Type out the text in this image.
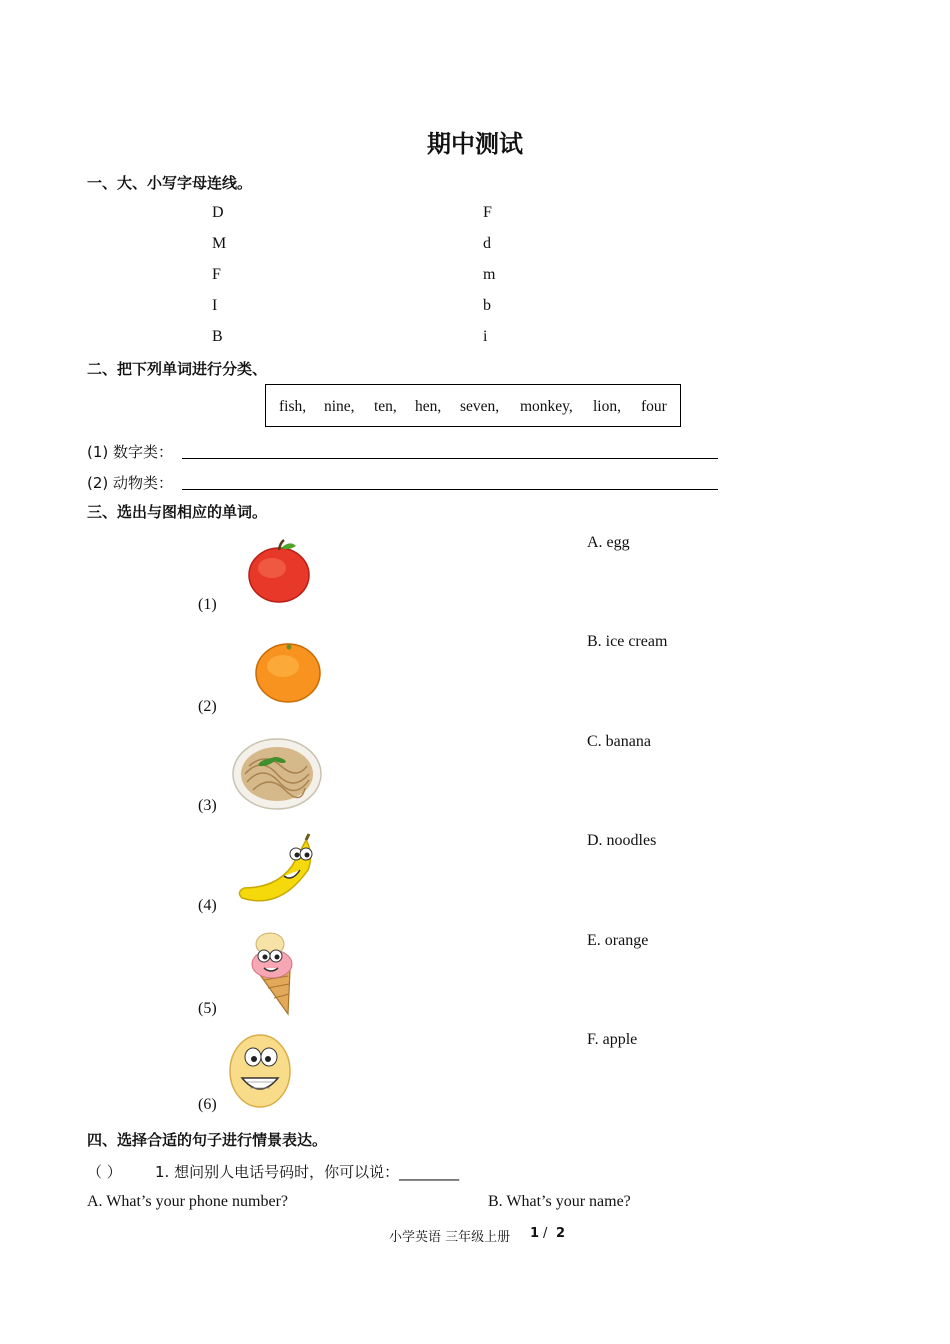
期中测试
一、大、小写字母连线。
D
M
F
I
B
F
d
m
b
i
二、把下列单词进行分类、
fish, nine, ten, hen, seven, monkey, lion, four
(1) 数字类：
(2) 动物类：
三、选出与图相应的单词。
(1)
(2)
(3)
(4)
(5)
(6)
A. egg
B. ice cream
C. banana
D. noodles
E. orange
F. apple
四、选择合适的句子进行情景表达。
（ ） 1. 想问别人电话号码时，你可以说：________
A. What’s your phone number?	B. What’s your name?
小学英语 三年级上册 1 / 2
